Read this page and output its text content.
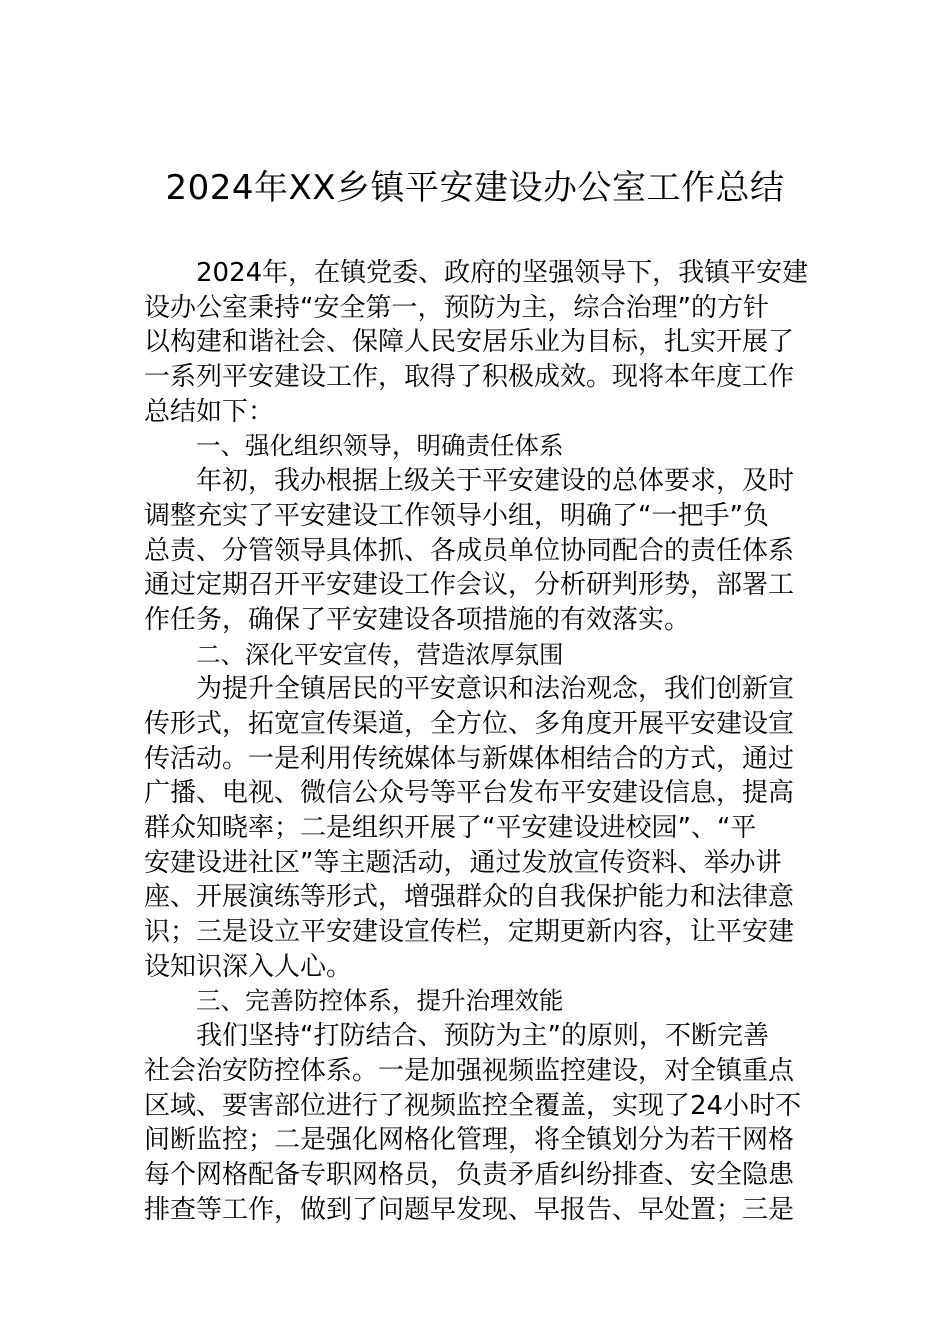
2024年XX乡镇平安建设办公室工作总结
2024年，在镇党委、政府的坚强领导下，我镇平安建
设办公室秉持“安全第一，预防为主，综合治理”的方针
以构建和谐社会、保障人民安居乐业为目标，扎实开展了
一系列平安建设工作，取得了积极成效。现将本年度工作
总结如下：
一、强化组织领导，明确责任体系
年初，我办根据上级关于平安建设的总体要求，及时
调整充实了平安建设工作领导小组，明确了“一把手”负
总责、分管领导具体抓、各成员单位协同配合的责任体系
通过定期召开平安建设工作会议，分析研判形势，部署工
作任务，确保了平安建设各项措施的有效落实。
二、深化平安宣传，营造浓厚氛围
为提升全镇居民的平安意识和法治观念，我们创新宣
传形式，拓宽宣传渠道，全方位、多角度开展平安建设宣
传活动。一是利用传统媒体与新媒体相结合的方式，通过
广播、电视、微信公众号等平台发布平安建设信息，提高
群众知晓率；二是组织开展了“平安建设进校园”、“平
安建设进社区”等主题活动，通过发放宣传资料、举办讲
座、开展演练等形式，增强群众的自我保护能力和法律意
识；三是设立平安建设宣传栏，定期更新内容，让平安建
设知识深入人心。
三、完善防控体系，提升治理效能
我们坚持“打防结合、预防为主”的原则，不断完善
社会治安防控体系。一是加强视频监控建设，对全镇重点
区域、要害部位进行了视频监控全覆盖，实现了24小时不
间断监控；二是强化网格化管理，将全镇划分为若干网格
每个网格配备专职网格员，负责矛盾纠纷排查、安全隐患
排查等工作，做到了问题早发现、早报告、早处置；三是
